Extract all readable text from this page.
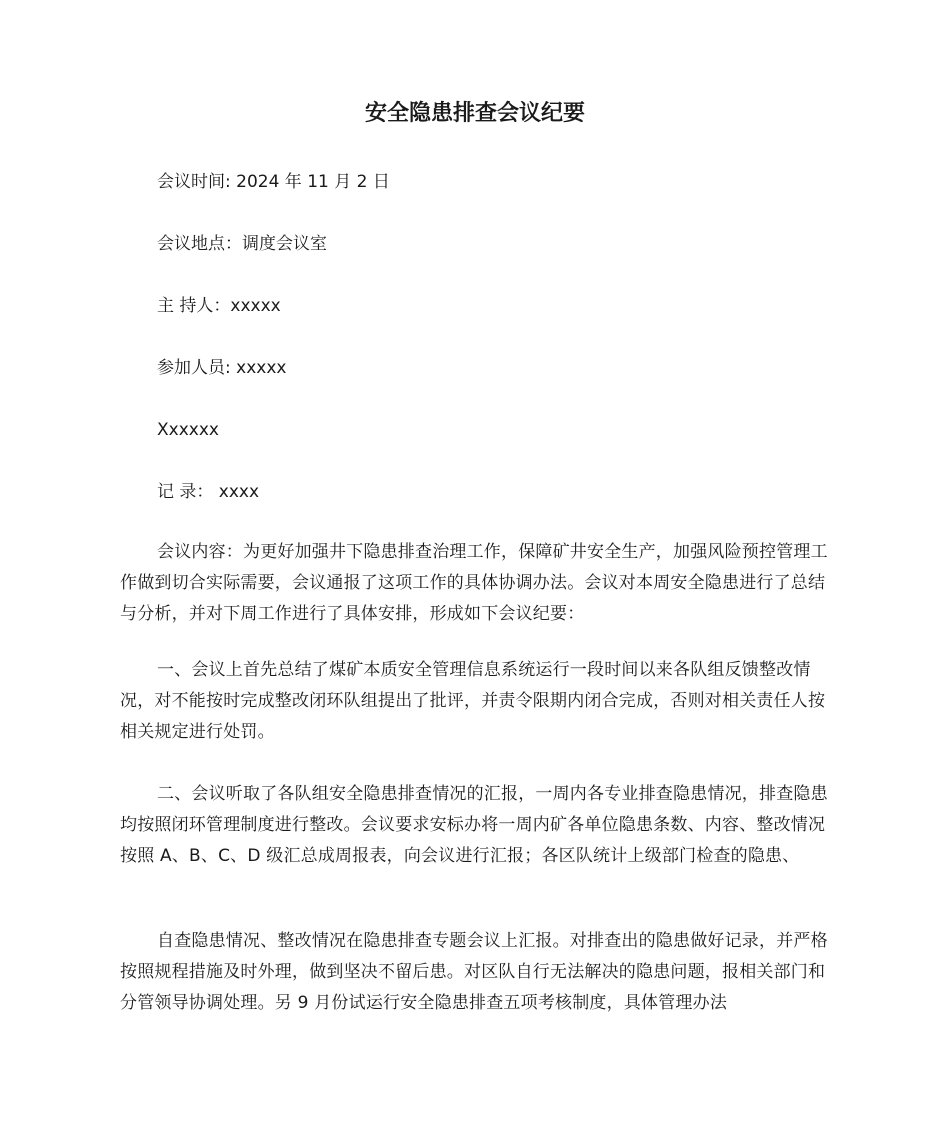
安全隐患排查会议纪要

会议时间: 2024 年 11 月 2 日

会议地点：调度会议室

主 持人：xxxxx

参加人员: xxxxx

Xxxxxx

记 录： xxxx

会议内容：为更好加强井下隐患排查治理工作，保障矿井安全生产，加强风险预控管理工作做到切合实际需要，会议通报了这项工作的具体协调办法。会议对本周安全隐患进行了总结与分析，并对下周工作进行了具体安排，形成如下会议纪要：

一、会议上首先总结了煤矿本质安全管理信息系统运行一段时间以来各队组反馈整改情况，对不能按时完成整改闭环队组提出了批评，并责令限期内闭合完成，否则对相关责任人按相关规定进行处罚。

二、会议听取了各队组安全隐患排查情况的汇报，一周内各专业排查隐患情况，排查隐患均按照闭环管理制度进行整改。会议要求安标办将一周内矿各单位隐患条数、内容、整改情况按照 A、B、C、D 级汇总成周报表，向会议进行汇报；各区队统计上级部门检查的隐患、

自查隐患情况、整改情况在隐患排查专题会议上汇报。对排查出的隐患做好记录，并严格按照规程措施及时外理，做到坚决不留后患。对区队自行无法解决的隐患问题，报相关部门和分管领导协调处理。另 9 月份试运行安全隐患排查五项考核制度，具体管理办法
